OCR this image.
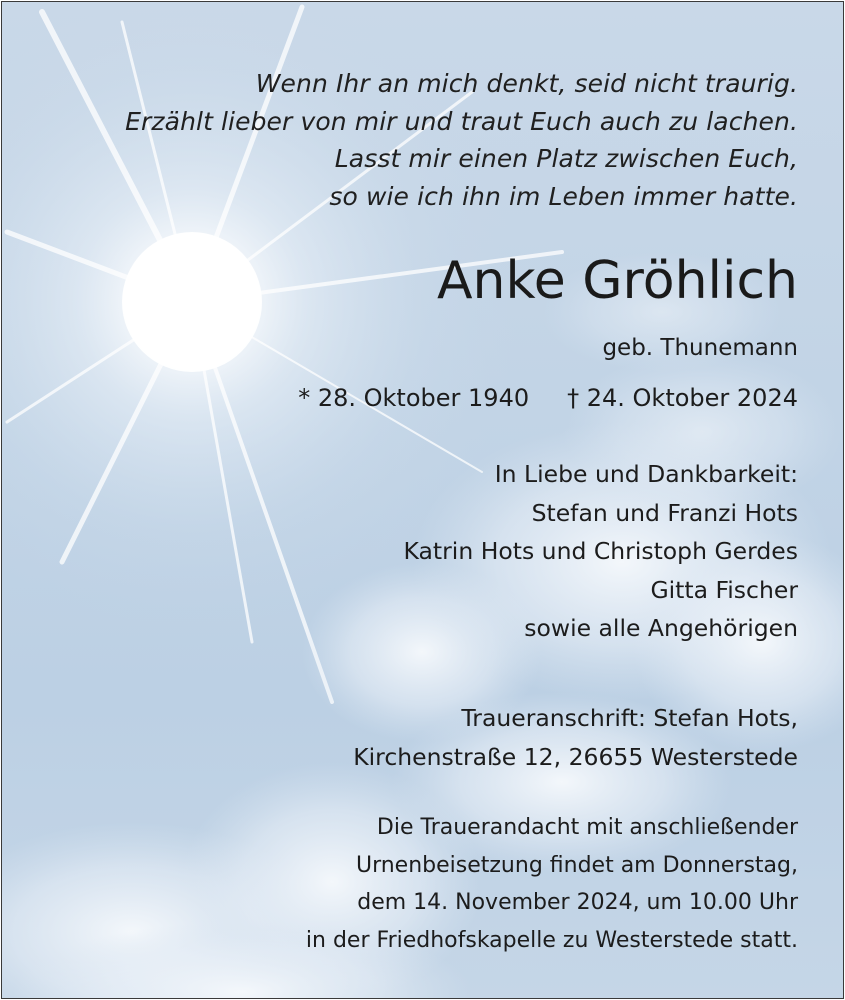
Wenn Ihr an mich denkt, seid nicht traurig.
Erzählt lieber von mir und traut Euch auch zu lachen.
Lasst mir einen Platz zwischen Euch,
so wie ich ihn im Leben immer hatte.
Anke Gröhlich
geb. Thunemann
* 28. Oktober 1940 † 24. Oktober 2024
In Liebe und Dankbarkeit:
Stefan und Franzi Hots
Katrin Hots und Christoph Gerdes
Gitta Fischer
sowie alle Angehörigen
Traueranschrift: Stefan Hots,
Kirchenstraße 12, 26655 Westerstede
Die Trauerandacht mit anschließender
Urnenbeisetzung findet am Donnerstag,
dem 14. November 2024, um 10.00 Uhr
in der Friedhofskapelle zu Westerstede statt.
